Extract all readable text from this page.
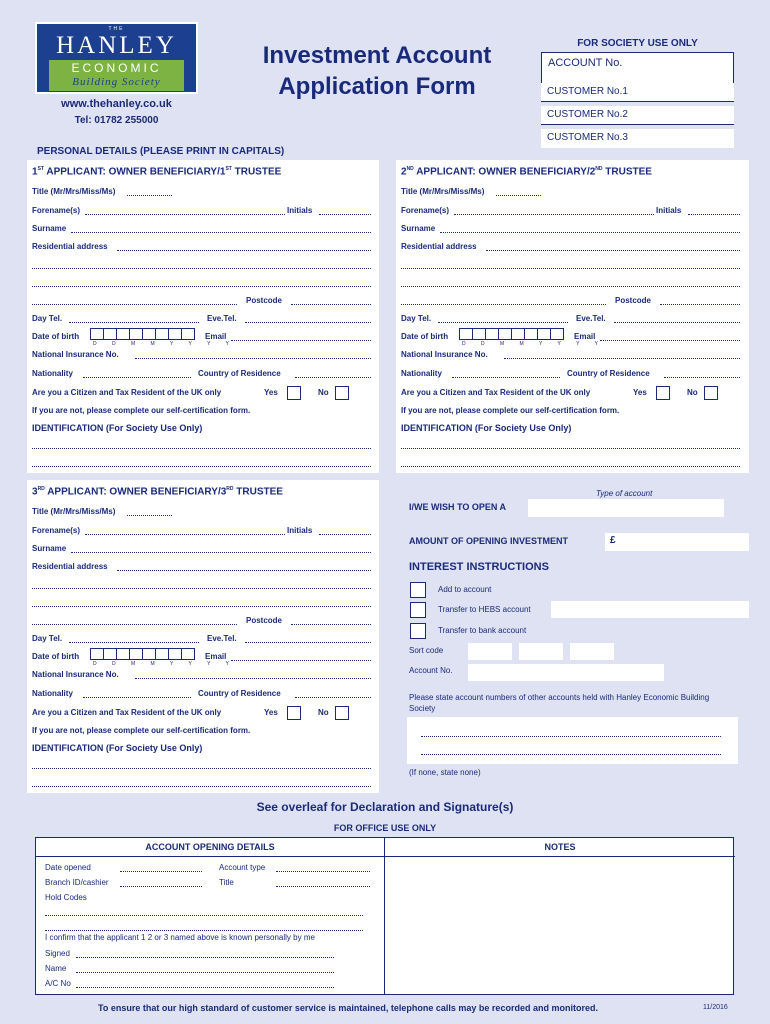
THE
HANLEY
ECONOMIC
Building Society
www.thehanley.co.uk
Tel: 01782 255000
Investment Account
Application Form
FOR SOCIETY USE ONLY
ACCOUNT No.
CUSTOMER No.1
CUSTOMER No.2
CUSTOMER No.3
PERSONAL DETAILS (PLEASE PRINT IN CAPITALS)
1ST APPLICANT: OWNER BENEFICIARY/1ST TRUSTEE
Title (Mr/Mrs/Miss/Ms)
Forename(s)	Initials
Surname
Residential address
Postcode
Day Tel.	Eve.Tel.
Date of birth
D D M M Y Y Y Y
Email
National Insurance No.
Nationality	Country of Residence
Are you a Citizen and Tax Resident of the UK only	Yes	No
If you are not, please complete our self-certification form.
IDENTIFICATION (For Society Use Only)
2ND APPLICANT: OWNER BENEFICIARY/2ND TRUSTEE
Title (Mr/Mrs/Miss/Ms)
Forename(s)	Initials
Surname
Residential address
Postcode
Day Tel.	Eve.Tel.
Date of birth
D D M M Y Y Y Y
Email
National Insurance No.
Nationality	Country of Residence
Are you a Citizen and Tax Resident of the UK only	Yes	No
If you are not, please complete our self-certification form.
IDENTIFICATION (For Society Use Only)
3RD APPLICANT: OWNER BENEFICIARY/3RD TRUSTEE
Title (Mr/Mrs/Miss/Ms)
Forename(s)	Initials
Surname
Residential address
Postcode
Day Tel.	Eve.Tel.
Date of birth
D D M M Y Y Y Y
Email
National Insurance No.
Nationality	Country of Residence
Are you a Citizen and Tax Resident of the UK only	Yes	No
If you are not, please complete our self-certification form.
IDENTIFICATION (For Society Use Only)
Type of account
I/WE WISH TO OPEN A
AMOUNT OF OPENING INVESTMENT	£
INTEREST INSTRUCTIONS
Add to account
Transfer to HEBS account
Transfer to bank account
Sort code
Account No.
Please state account numbers of other accounts held with Hanley Economic Building Society
(If none, state none)
See overleaf for Declaration and Signature(s)
FOR OFFICE USE ONLY
ACCOUNT OPENING DETAILS	NOTES
Date opened	Account type
Branch ID/cashier	Title
Hold Codes
I confirm that the applicant 1 2 or 3 named above is known personally by me
Signed
Name
A/C No
To ensure that our high standard of customer service is maintained, telephone calls may be recorded and monitored.	11/2016
